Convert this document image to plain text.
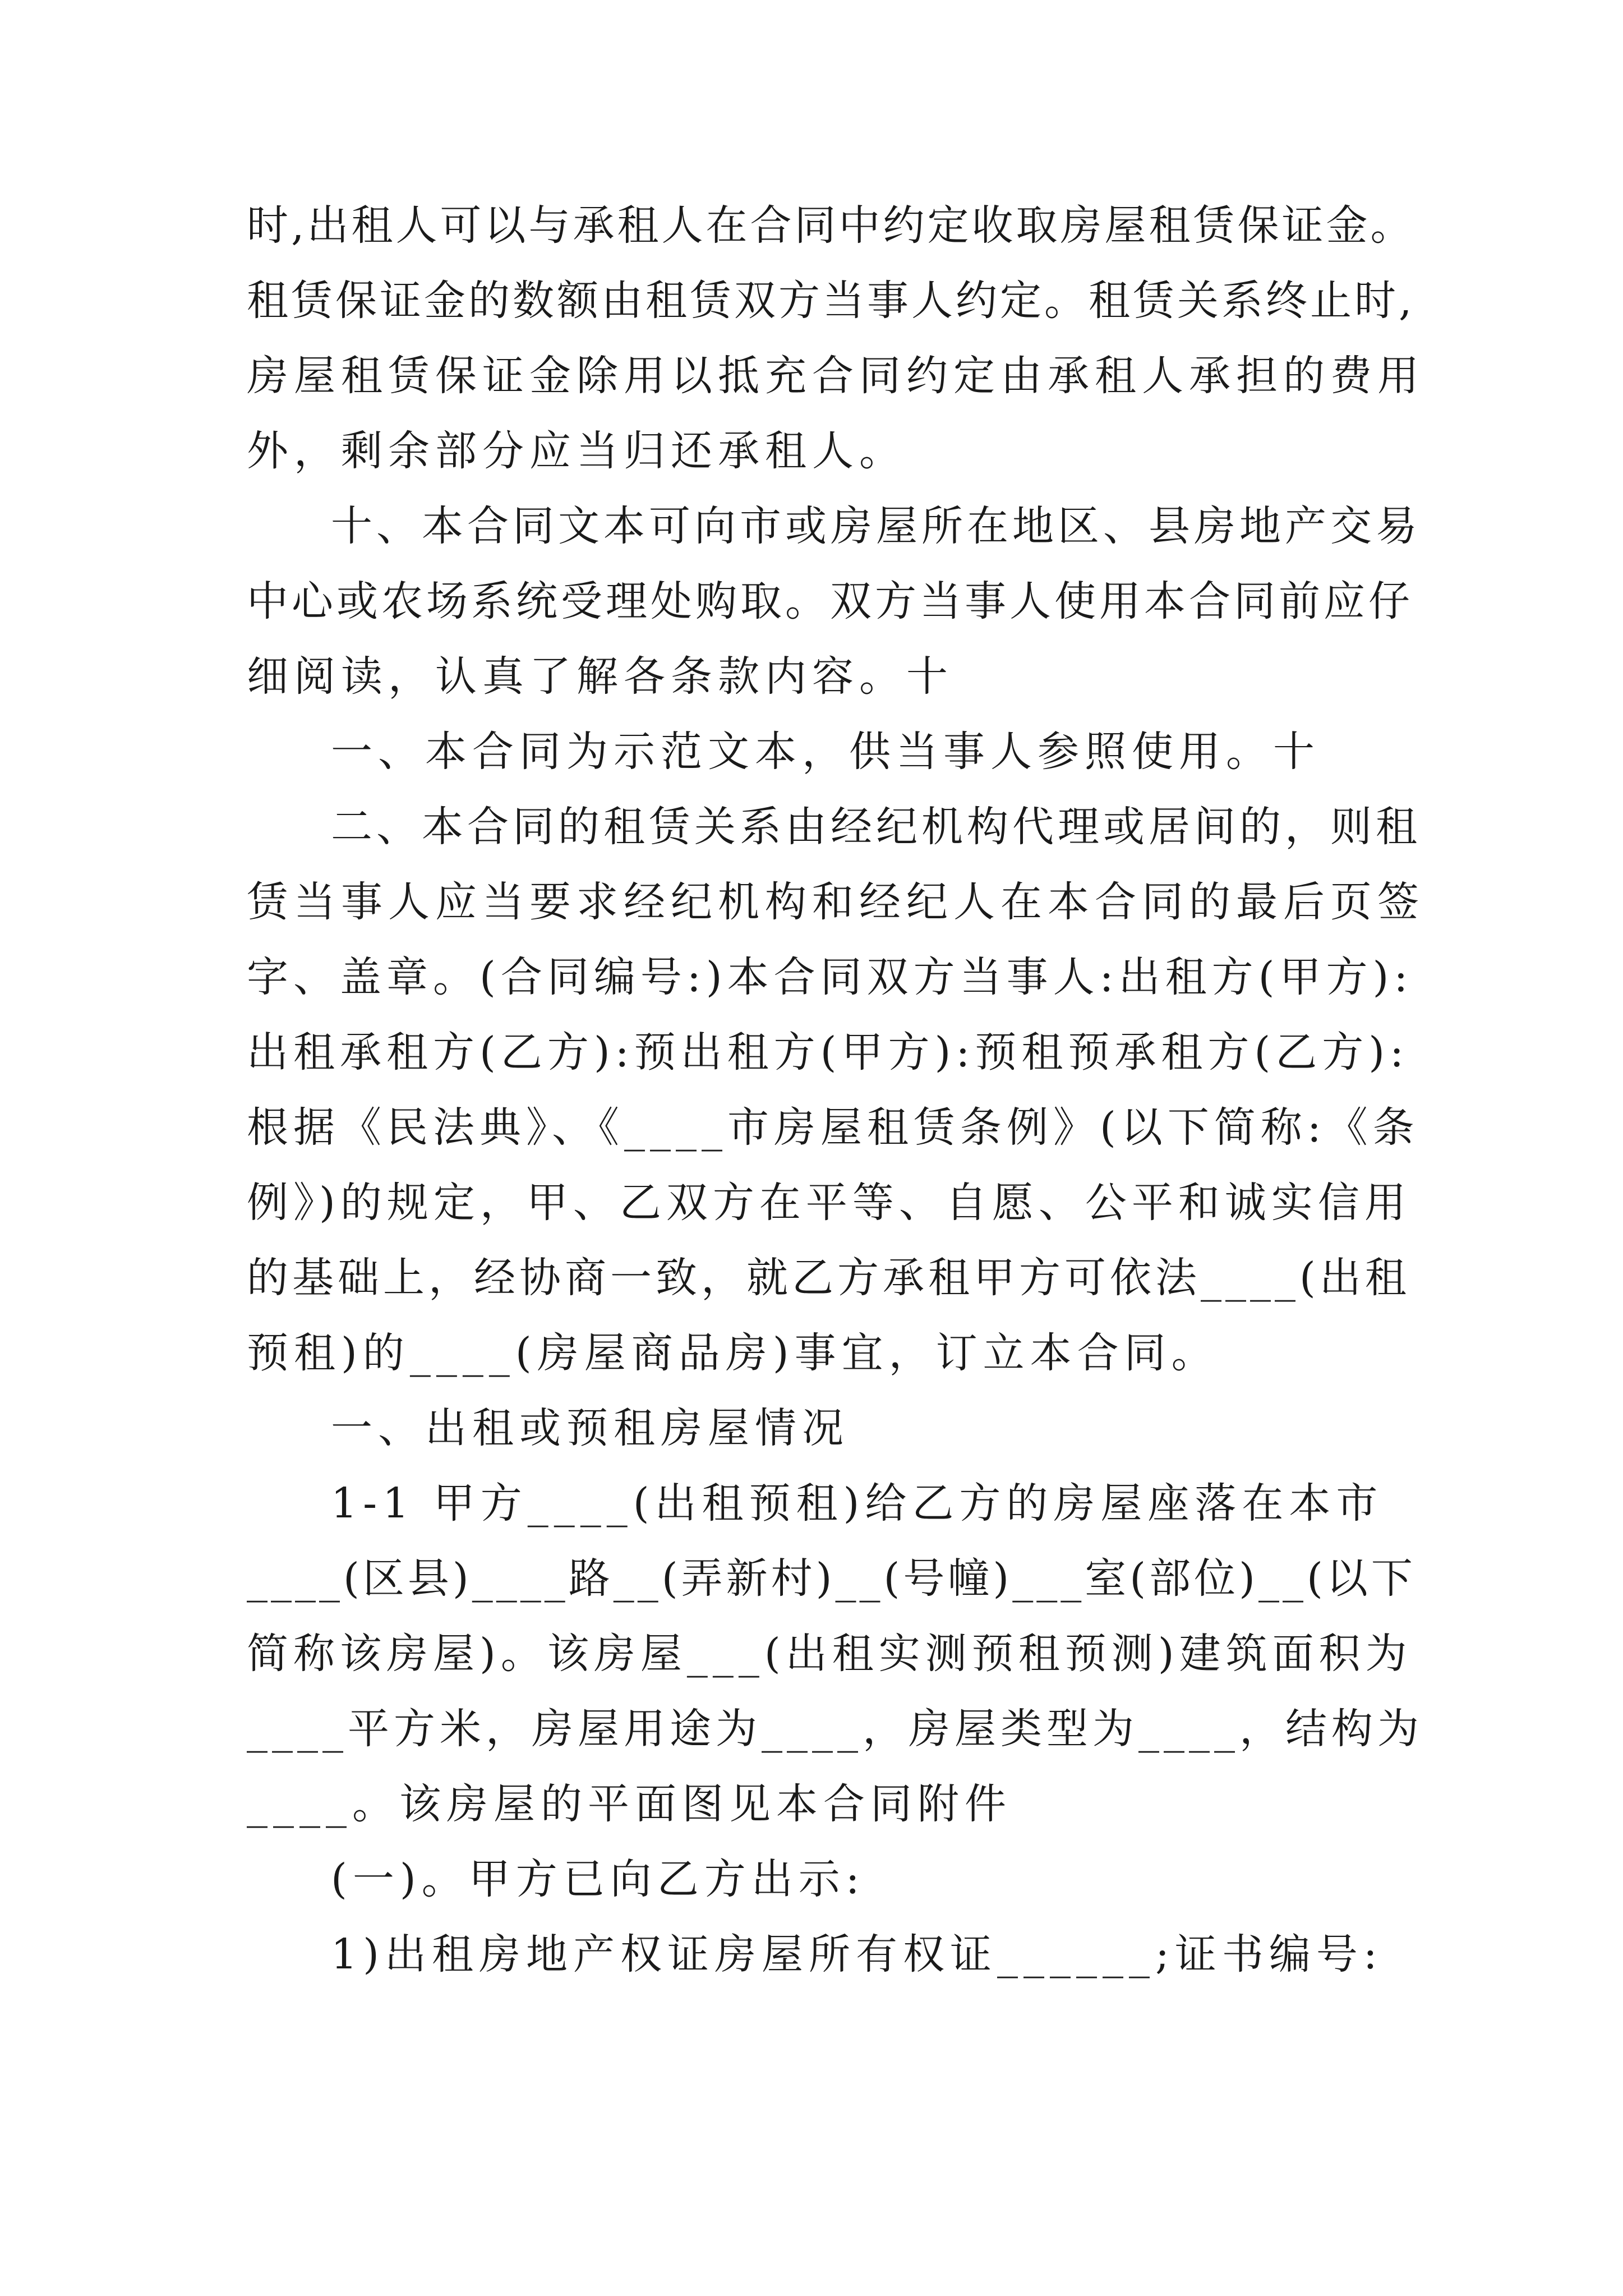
时,出租人可以与承租人在合同中约定收取房屋租赁保证金。
租赁保证金的数额由租赁双方当事人约定。租赁关系终止时,
房屋租赁保证金除用以抵充合同约定由承租人承担的费用
外，剩余部分应当归还承租人。
十、本合同文本可向市或房屋所在地区、县房地产交易
中心或农场系统受理处购取。双方当事人使用本合同前应仔
细阅读，认真了解各条款内容。十
一、本合同为示范文本，供当事人参照使用。十
二、本合同的租赁关系由经纪机构代理或居间的，则租
赁当事人应当要求经纪机构和经纪人在本合同的最后页签
字、盖章。(合同编号:)本合同双方当事人:出租方(甲方):
出租承租方(乙方):预出租方(甲方):预租预承租方(乙方):
根据《民法典》、《____市房屋租赁条例》(以下简称:《条
例》)的规定，甲、乙双方在平等、自愿、公平和诚实信用
的基础上，经协商一致，就乙方承租甲方可依法____(出租
预租)的____(房屋商品房)事宜，订立本合同。
一、出租或预租房屋情况
1-1 甲方____(出租预租)给乙方的房屋座落在本市
____(区县)____路__(弄新村)__(号幢)___室(部位)__(以下
简称该房屋)。该房屋___(出租实测预租预测)建筑面积为
____平方米，房屋用途为____，房屋类型为____，结构为
____。该房屋的平面图见本合同附件
(一)。甲方已向乙方出示:
1)出租房地产权证房屋所有权证______;证书编号:
